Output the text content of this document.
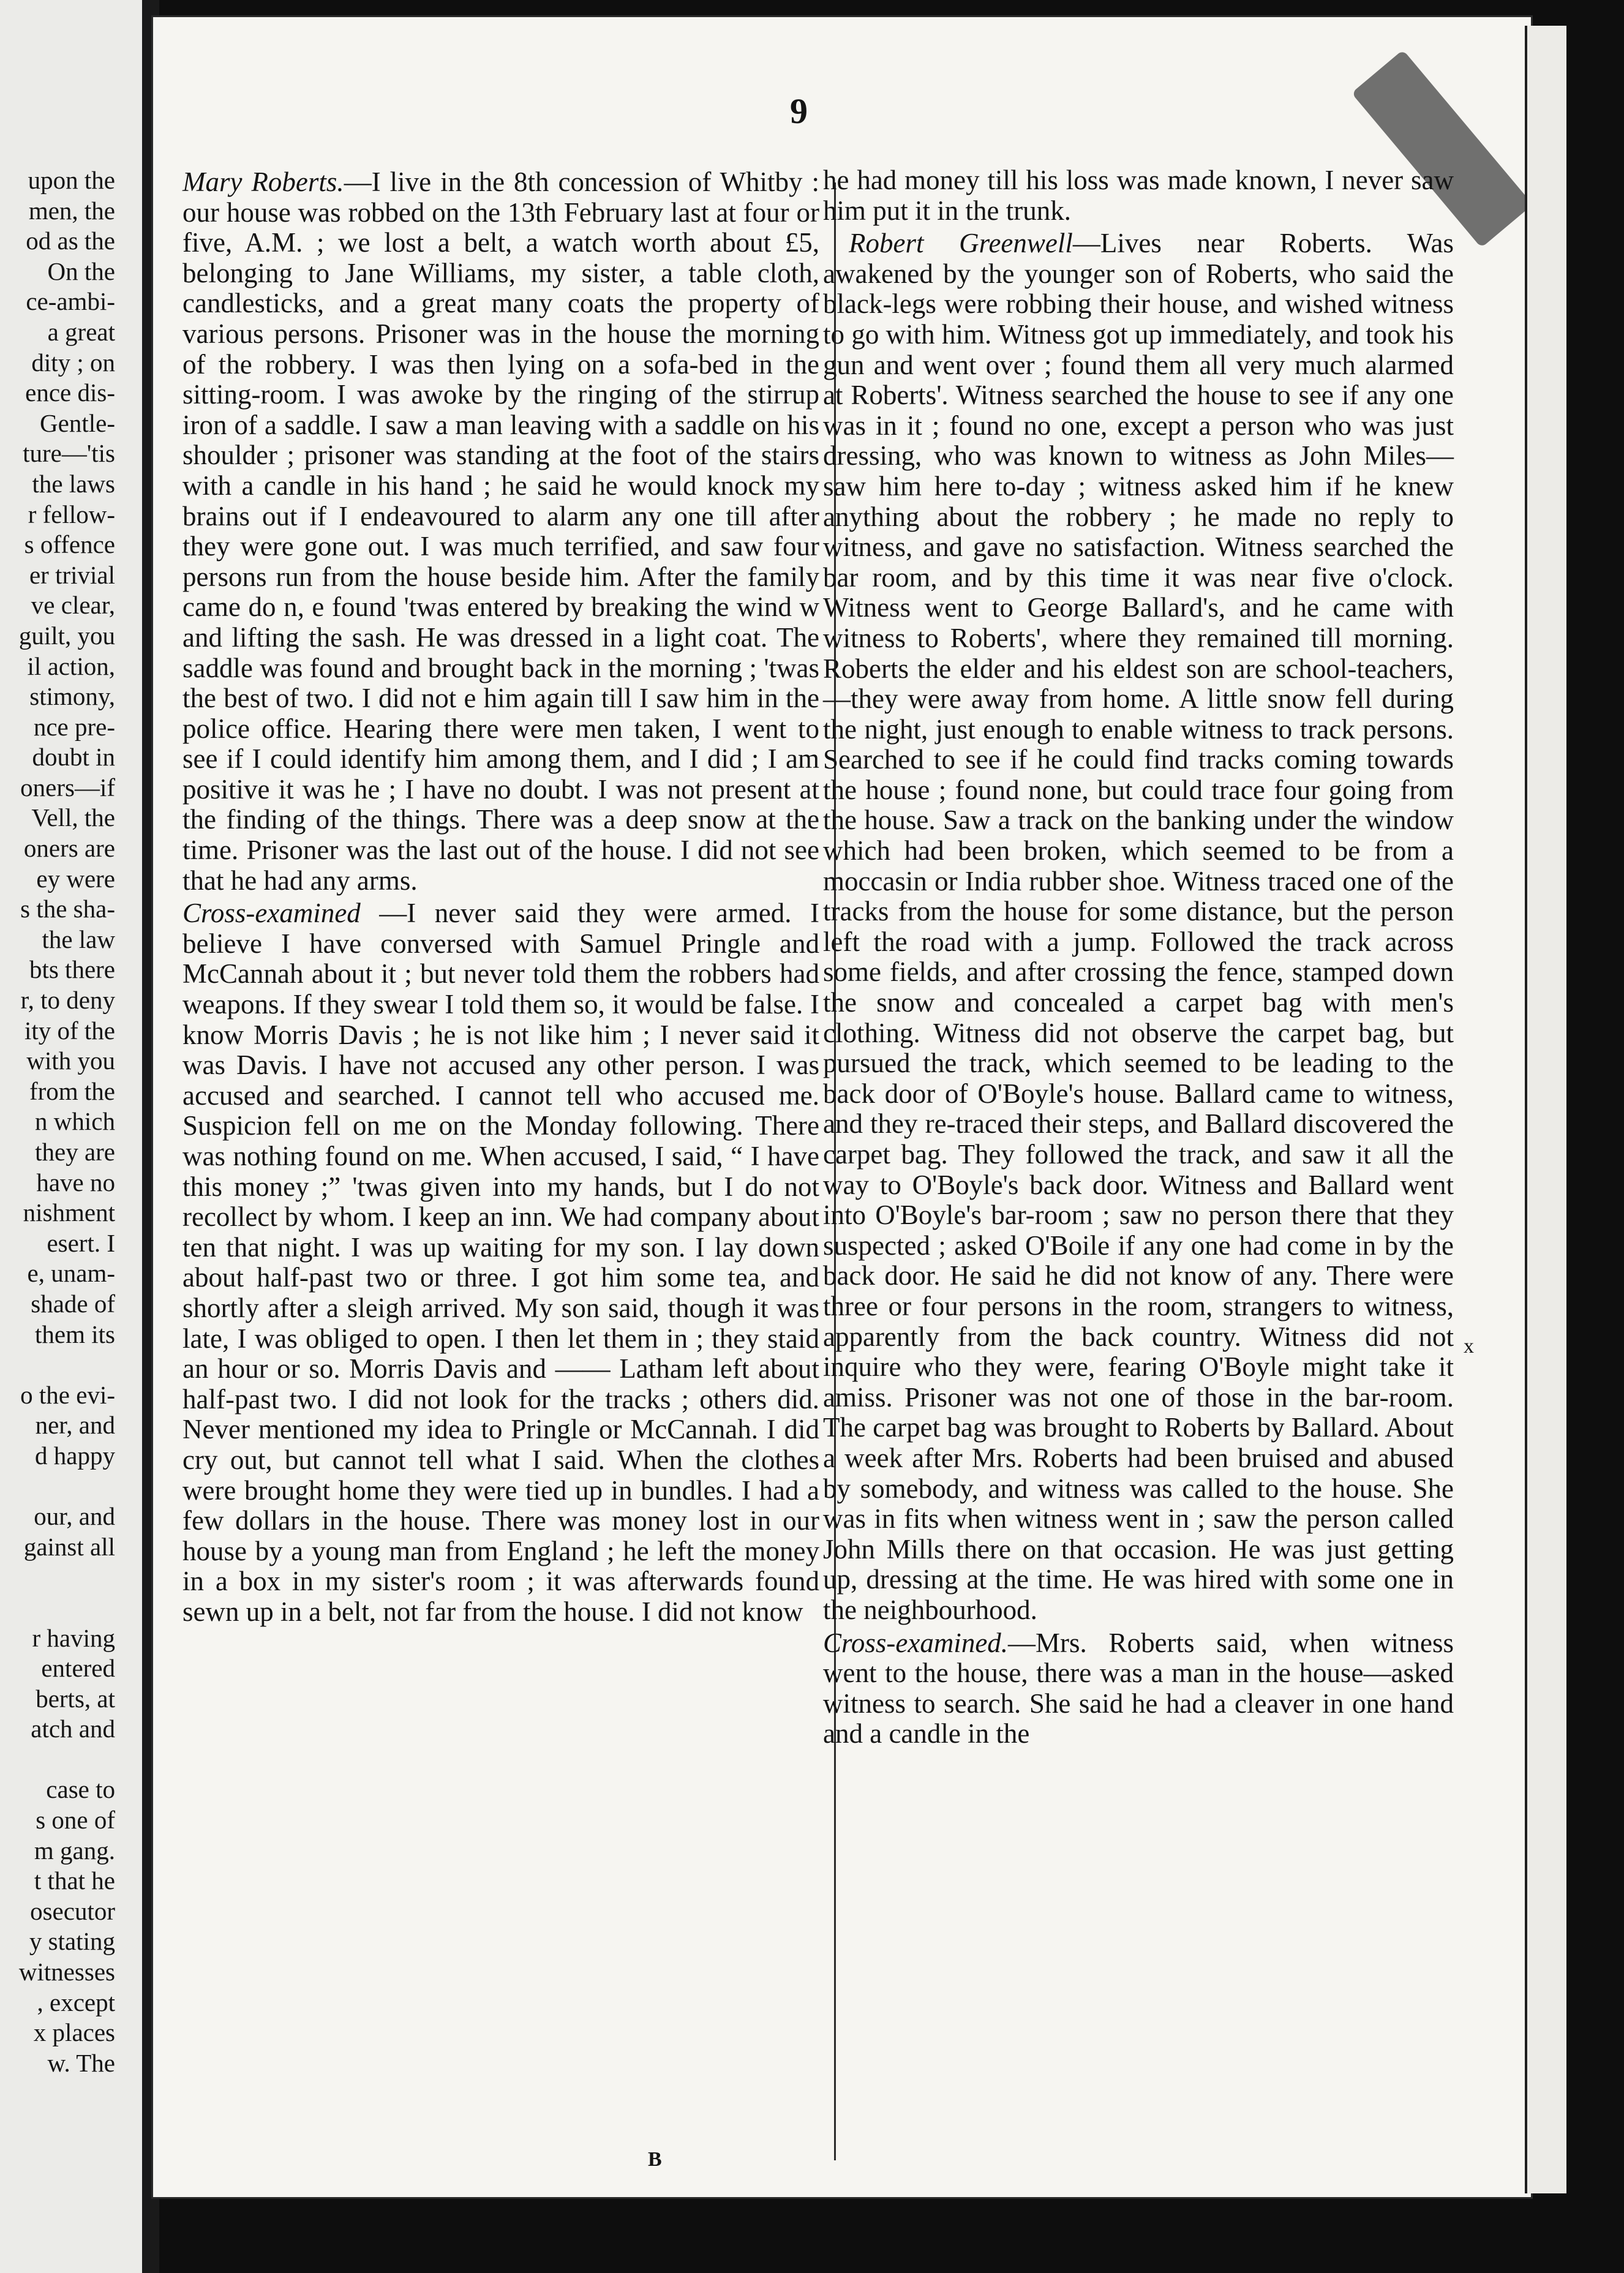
upon the
men, the
od as the
On the
ce-ambi-
a great
dity ; on
ence dis-
Gentle-
ture—'tis
the laws
r fellow-
s offence
er trivial
ve clear,
guilt, you
il action,
stimony,
nce pre-
doubt in
oners—if
Vell, the
oners are
ey were
s the sha-
the law
bts there
r, to deny
ity of the
with you
from the
n which
they are
have no
nishment
esert. I
e, unam-
shade of
them its
o the evi-
ner, and
d happy
our, and
gainst all
r having
entered
berts, at
atch and
case to
s one of
m gang.
t that he
osecutor
y stating
witnesses
, except
x places
w. The
9

Mary Roberts.—I live in the 8th concession of Whitby : our house was robbed on the 13th February last at four or five, A.M. ; we lost a belt, a watch worth about £5, belonging to Jane Williams, my sister, a table cloth, candlesticks, and a great many coats the property of various persons. Prisoner was in the house the morning of the robbery. I was then lying on a sofa-bed in the sitting-room. I was awoke by the ringing of the stirrup iron of a saddle. I saw a man leaving with a saddle on his shoulder ; prisoner was standing at the foot of the stairs with a candle in his hand ; he said he would knock my brains out if I endeavoured to alarm any one till after they were gone out. I was much terrified, and saw four persons run from the house beside him. After the family came do n, e found 'twas entered by breaking the wind w and lifting the sash. He was dressed in a light coat. The saddle was found and brought back in the morning ; 'twas the best of two. I did not e him again till I saw him in the police office. Hearing there were men taken, I went to see if I could identify him among them, and I did ; I am positive it was he ; I have no doubt. I was not present at the finding of the things. There was a deep snow at the time. Prisoner was the last out of the house. I did not see that he had any arms.

Cross-examined —I never said they were armed. I believe I have conversed with Samuel Pringle and McCannah about it ; but never told them the robbers had weapons. If they swear I told them so, it would be false. I know Morris Davis ; he is not like him ; I never said it was Davis. I have not accused any other person. I was accused and searched. I cannot tell who accused me. Suspicion fell on me on the Monday following. There was nothing found on me. When accused, I said, “ I have this money ;” 'twas given into my hands, but I do not recollect by whom. I keep an inn. We had company about ten that night. I was up waiting for my son. I lay down about half-past two or three. I got him some tea, and shortly after a sleigh arrived. My son said, though it was late, I was obliged to open. I then let them in ; they staid an hour or so. Morris Davis and —— Latham left about half-past two. I did not look for the tracks ; others did. Never mentioned my idea to Pringle or McCannah. I did cry out, but cannot tell what I said. When the clothes were brought home they were tied up in bundles. I had a few dollars in the house. There was money lost in our house by a young man from England ; he left the money in a box in my sister's room ; it was afterwards found sewn up in a belt, not far from the house. I did not know

he had money till his loss was made known, I never saw him put it in the trunk.

Robert Greenwell—Lives near Roberts. Was awakened by the younger son of Roberts, who said the black-legs were robbing their house, and wished witness to go with him. Witness got up immediately, and took his gun and went over ; found them all very much alarmed at Roberts'. Witness searched the house to see if any one was in it ; found no one, except a person who was just dressing, who was known to witness as John Miles—saw him here to-day ; witness asked him if he knew anything about the robbery ; he made no reply to witness, and gave no satisfaction. Witness searched the bar room, and by this time it was near five o'clock. Witness went to George Ballard's, and he came with witness to Roberts', where they remained till morning. Roberts the elder and his eldest son are school-teachers, —they were away from home. A little snow fell during the night, just enough to enable witness to track persons. Searched to see if he could find tracks coming towards the house ; found none, but could trace four going from the house. Saw a track on the banking under the window which had been broken, which seemed to be from a moccasin or India rubber shoe. Witness traced one of the tracks from the house for some distance, but the person left the road with a jump. Followed the track across some fields, and after crossing the fence, stamped down the snow and concealed a carpet bag with men's clothing. Witness did not observe the carpet bag, but pursued the track, which seemed to be leading to the back door of O'Boyle's house. Ballard came to witness, and they re-traced their steps, and Ballard discovered the carpet bag. They followed the track, and saw it all the way to O'Boyle's back door. Witness and Ballard went into O'Boyle's bar-room ; saw no person there that they suspected ; asked O'Boile if any one had come in by the back door. He said he did not know of any. There were three or four persons in the room, strangers to witness, apparently from the back country. Witness did not inquire who they were, fearing O'Boyle might take it amiss. Prisoner was not one of those in the bar-room. The carpet bag was brought to Roberts by Ballard. About a week after Mrs. Roberts had been bruised and abused by somebody, and witness was called to the house. She was in fits when witness went in ; saw the person called John Mills there on that occasion. He was just getting up, dressing at the time. He was hired with some one in the neighbourhood.

Cross-examined.—Mrs. Roberts said, when witness went to the house, there was a man in the house—asked witness to search. She said he had a cleaver in one hand and a candle in the

B
x
